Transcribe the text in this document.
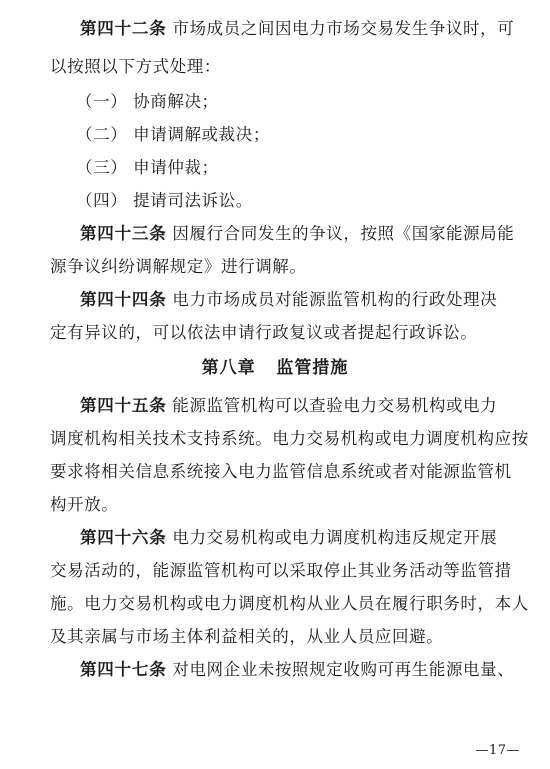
第四十二条 市场成员之间因电力市场交易发生争议时，可
以按照以下方式处理：
（一） 协商解决；
（二） 申请调解或裁决；
（三） 申请仲裁；
（四） 提请司法诉讼。
第四十三条 因履行合同发生的争议，按照《国家能源局能
源争议纠纷调解规定》进行调解。
第四十四条 电力市场成员对能源监管机构的行政处理决
定有异议的，可以依法申请行政复议或者提起行政诉讼。
第八章   监管措施
第四十五条 能源监管机构可以查验电力交易机构或电力
调度机构相关技术支持系统。电力交易机构或电力调度机构应按
要求将相关信息系统接入电力监管信息系统或者对能源监管机
构开放。
第四十六条 电力交易机构或电力调度机构违反规定开展
交易活动的，能源监管机构可以采取停止其业务活动等监管措
施。电力交易机构或电力调度机构从业人员在履行职务时，本人
及其亲属与市场主体利益相关的，从业人员应回避。
第四十七条 对电网企业未按照规定收购可再生能源电量、
—17—
